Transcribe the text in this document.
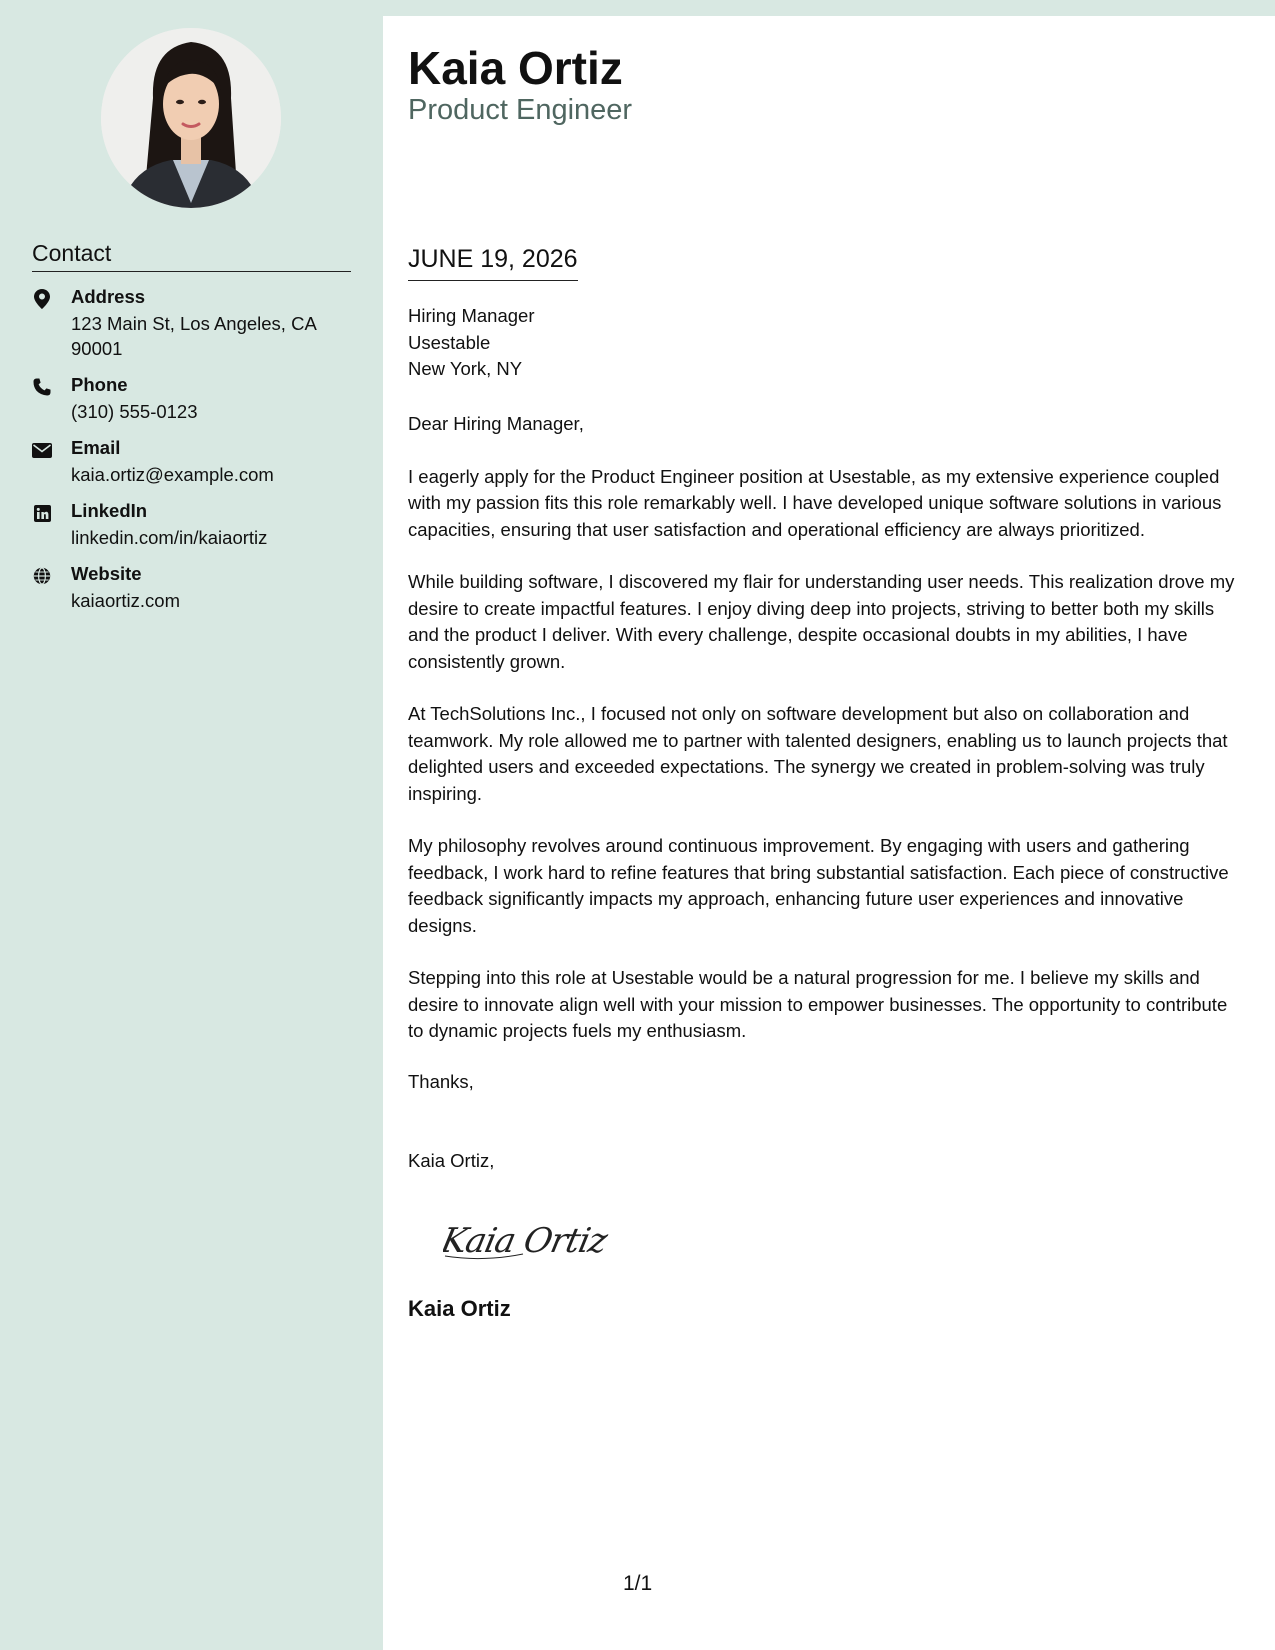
Contact
Address
123 Main St, Los Angeles, CA 90001
Phone
(310) 555-0123
Email
kaia.ortiz@example.com
LinkedIn
linkedin.com/in/kaiaortiz
Website
kaiaortiz.com
Kaia Ortiz
Product Engineer
JUNE 19, 2026
Hiring Manager
Usestable
New York, NY

Dear Hiring Manager,

I eagerly apply for the Product Engineer position at Usestable, as my extensive experience coupled with my passion fits this role remarkably well. I have developed unique software solutions in various capacities, ensuring that user satisfaction and operational efficiency are always prioritized.

While building software, I discovered my flair for understanding user needs. This realization drove my desire to create impactful features. I enjoy diving deep into projects, striving to better both my skills and the product I deliver. With every challenge, despite occasional doubts in my abilities, I have consistently grown.

At TechSolutions Inc., I focused not only on software development but also on collaboration and teamwork. My role allowed me to partner with talented designers, enabling us to launch projects that delighted users and exceeded expectations. The synergy we created in problem-solving was truly inspiring.

My philosophy revolves around continuous improvement. By engaging with users and gathering feedback, I work hard to refine features that bring substantial satisfaction. Each piece of constructive feedback significantly impacts my approach, enhancing future user experiences and innovative designs.

Stepping into this role at Usestable would be a natural progression for me. I believe my skills and desire to innovate align well with your mission to empower businesses. The opportunity to contribute to dynamic projects fuels my enthusiasm.

Thanks,
Kaia Ortiz,
Kaia Ortiz
Kaia Ortiz
1/1
